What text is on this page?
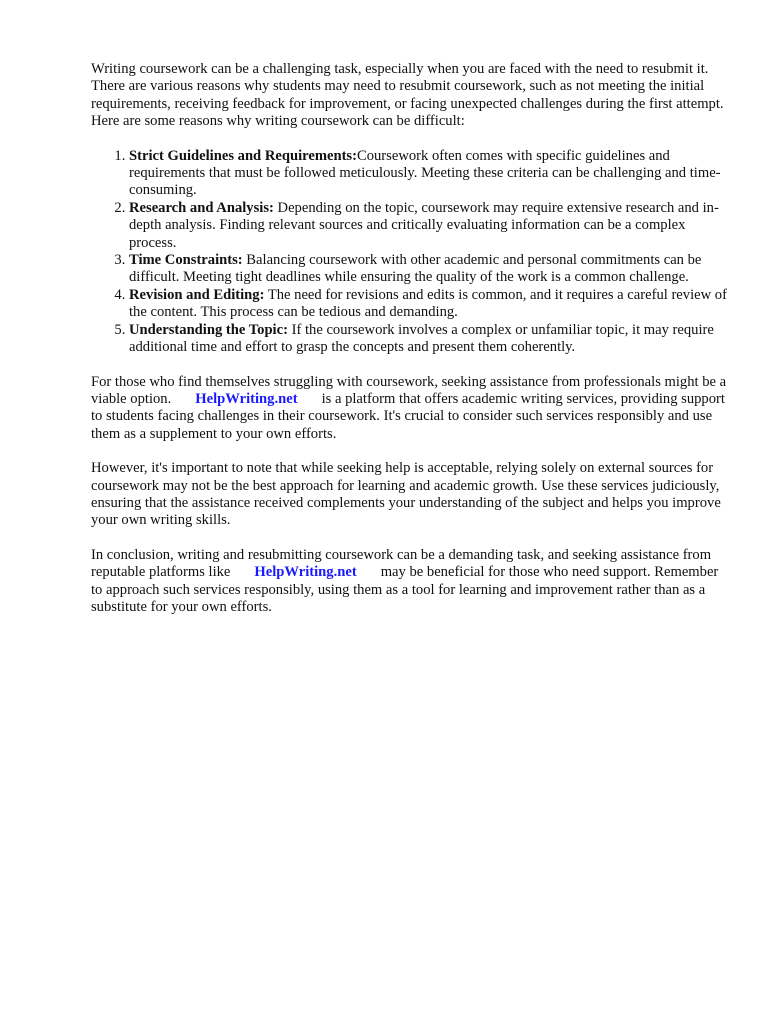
Writing coursework can be a challenging task, especially when you are faced with the need to resubmit it. There are various reasons why students may need to resubmit coursework, such as not meeting the initial requirements, receiving feedback for improvement, or facing unexpected challenges during the first attempt. Here are some reasons why writing coursework can be difficult:

1. Strict Guidelines and Requirements:Coursework often comes with specific guidelines and requirements that must be followed meticulously. Meeting these criteria can be challenging and time-consuming.
2. Research and Analysis: Depending on the topic, coursework may require extensive research and in-depth analysis. Finding relevant sources and critically evaluating information can be a complex process.
3. Time Constraints: Balancing coursework with other academic and personal commitments can be difficult. Meeting tight deadlines while ensuring the quality of the work is a common challenge.
4. Revision and Editing: The need for revisions and edits is common, and it requires a careful review of the content. This process can be tedious and demanding.
5. Understanding the Topic: If the coursework involves a complex or unfamiliar topic, it may require additional time and effort to grasp the concepts and present them coherently.

For those who find themselves struggling with coursework, seeking assistance from professionals might be a viable option. HelpWriting.net is a platform that offers academic writing services, providing support to students facing challenges in their coursework. It's crucial to consider such services responsibly and use them as a supplement to your own efforts.

However, it's important to note that while seeking help is acceptable, relying solely on external sources for coursework may not be the best approach for learning and academic growth. Use these services judiciously, ensuring that the assistance received complements your understanding of the subject and helps you improve your own writing skills.

In conclusion, writing and resubmitting coursework can be a demanding task, and seeking assistance from reputable platforms like HelpWriting.net may be beneficial for those who need support. Remember to approach such services responsibly, using them as a tool for learning and improvement rather than as a substitute for your own efforts.
